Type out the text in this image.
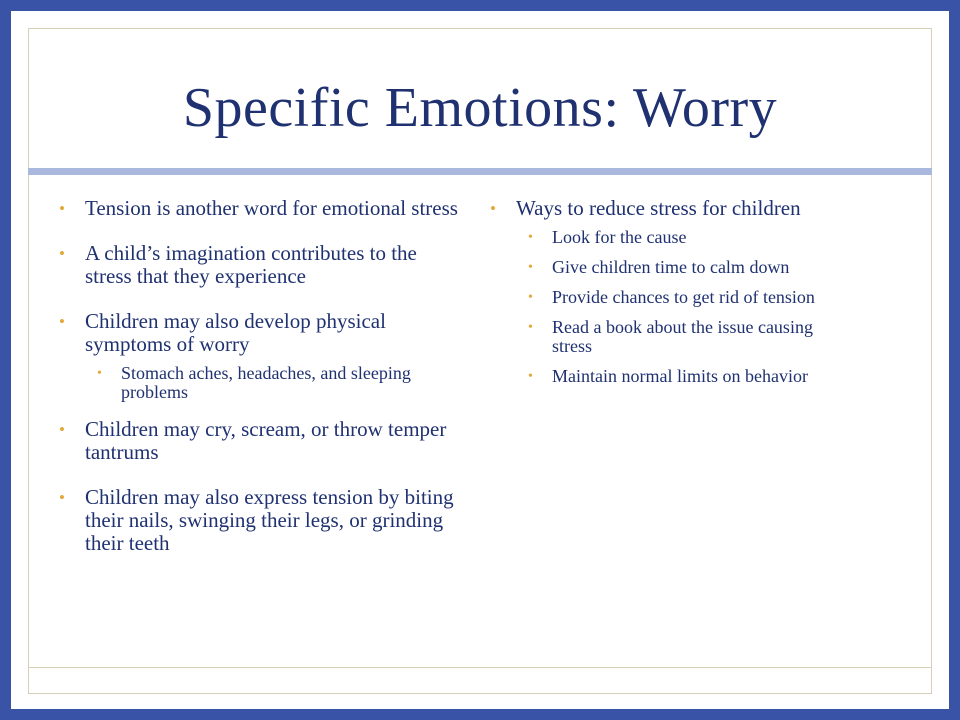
Specific Emotions: Worry
• Tension is another word for emotional stress
• A child’s imagination contributes to the stress that they experience
• Children may also develop physical symptoms of worry
• Stomach aches, headaches, and sleeping problems
• Children may cry, scream, or throw temper tantrums
• Children may also express tension by biting their nails, swinging their legs, or grinding their teeth
• Ways to reduce stress for children
• Look for the cause
• Give children time to calm down
• Provide chances to get rid of tension
• Read a book about the issue causing stress
• Maintain normal limits on behavior
